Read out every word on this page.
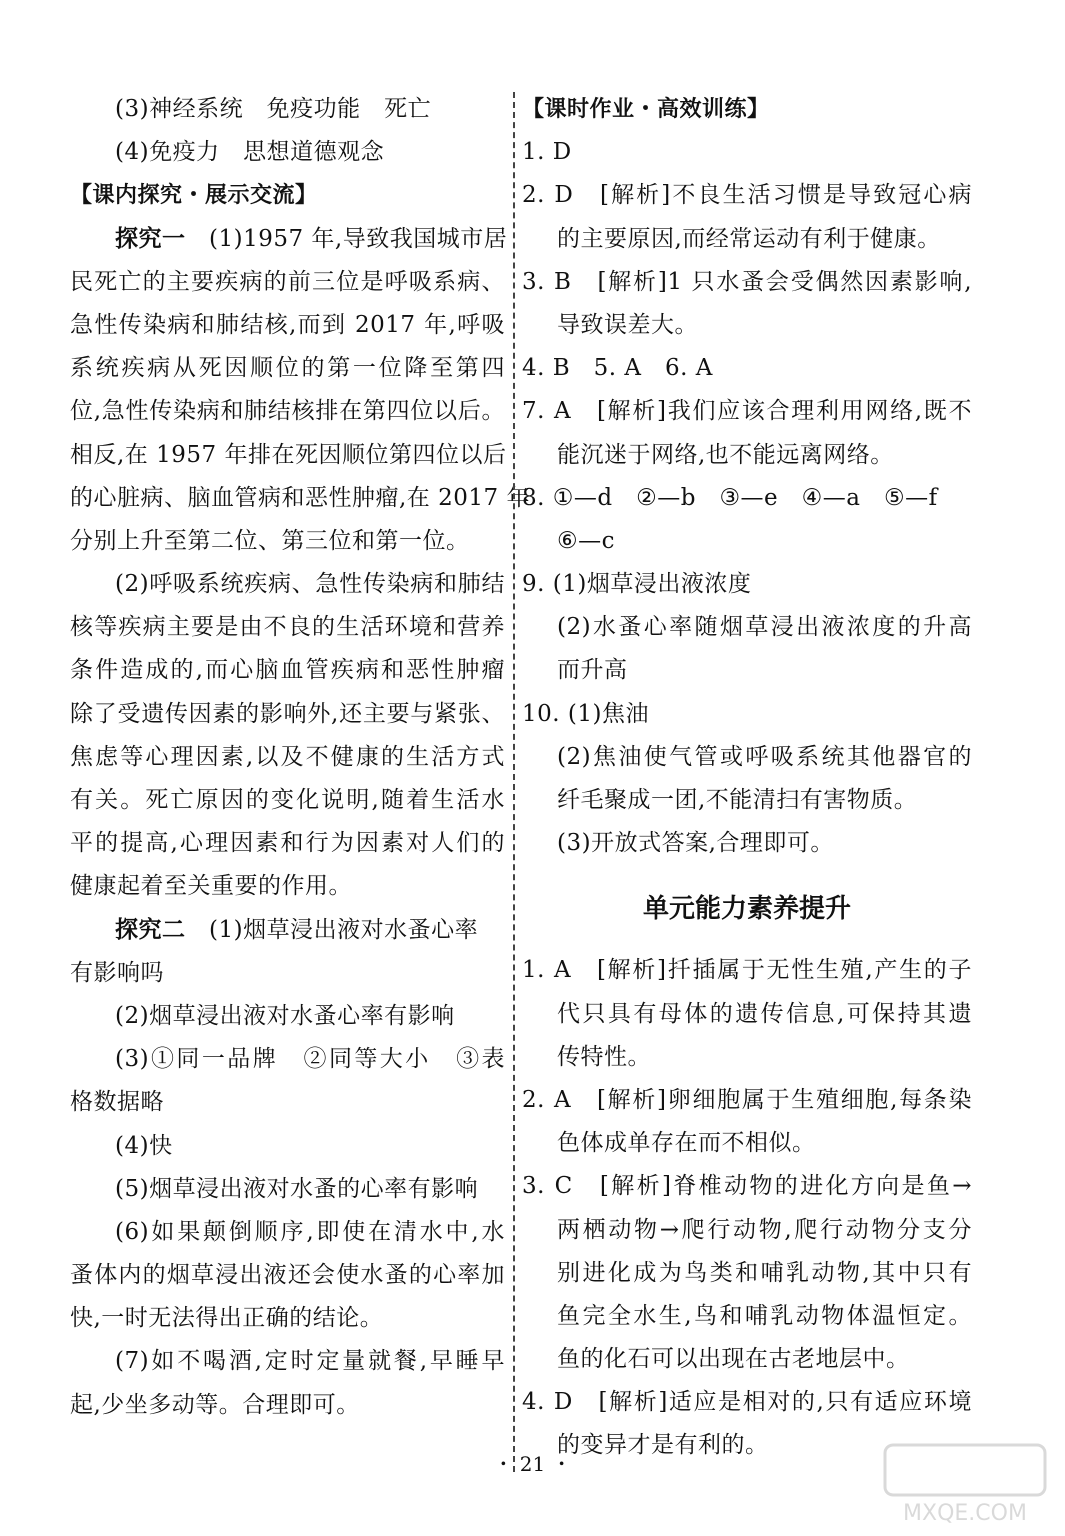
(3)神经系统　免疫功能　死亡
(4)免疫力　思想道德观念
【课内探究・展示交流】
探究一　(1)1957 年,导致我国城市居
民死亡的主要疾病的前三位是呼吸系病、
急性传染病和肺结核,而到 2017 年,呼吸
系统疾病从死因顺位的第一位降至第四
位,急性传染病和肺结核排在第四位以后。
相反,在 1957 年排在死因顺位第四位以后
的心脏病、脑血管病和恶性肿瘤,在 2017 年
分别上升至第二位、第三位和第一位。
(2)呼吸系统疾病、急性传染病和肺结
核等疾病主要是由不良的生活环境和营养
条件造成的,而心脑血管疾病和恶性肿瘤
除了受遗传因素的影响外,还主要与紧张、
焦虑等心理因素,以及不健康的生活方式
有关。死亡原因的变化说明,随着生活水
平的提高,心理因素和行为因素对人们的
健康起着至关重要的作用。
探究二　(1)烟草浸出液对水蚤心率
有影响吗
(2)烟草浸出液对水蚤心率有影响
(3)①同一品牌　②同等大小　③表
格数据略
(4)快
(5)烟草浸出液对水蚤的心率有影响
(6)如果颠倒顺序,即使在清水中,水
蚤体内的烟草浸出液还会使水蚤的心率加
快,一时无法得出正确的结论。
(7)如不喝酒,定时定量就餐,早睡早
起,少坐多动等。合理即可。
【课时作业・高效训练】
1. D
2. D　[解析]不良生活习惯是导致冠心病
的主要原因,而经常运动有利于健康。
3. B　[解析]1 只水蚤会受偶然因素影响,
导致误差大。
4. B　5. A　6. A
7. A　[解析]我们应该合理利用网络,既不
能沉迷于网络,也不能远离网络。
8. ①—d　②—b　③—e　④—a　⑤—f
⑥—c
9. (1)烟草浸出液浓度
(2)水蚤心率随烟草浸出液浓度的升高
而升高
10. (1)焦油
(2)焦油使气管或呼吸系统其他器官的
纤毛聚成一团,不能清扫有害物质。
(3)开放式答案,合理即可。
单元能力素养提升
1. A　[解析]扦插属于无性生殖,产生的子
代只具有母体的遗传信息,可保持其遗
传特性。
2. A　[解析]卵细胞属于生殖细胞,每条染
色体成单存在而不相似。
3. C　[解析]脊椎动物的进化方向是鱼→
两栖动物→爬行动物,爬行动物分支分
别进化成为鸟类和哺乳动物,其中只有
鱼完全水生,鸟和哺乳动物体温恒定。
鱼的化石可以出现在古老地层中。
4. D　[解析]适应是相对的,只有适应环境
的变异才是有利的。
・ 21 ・
MXQE.COM
